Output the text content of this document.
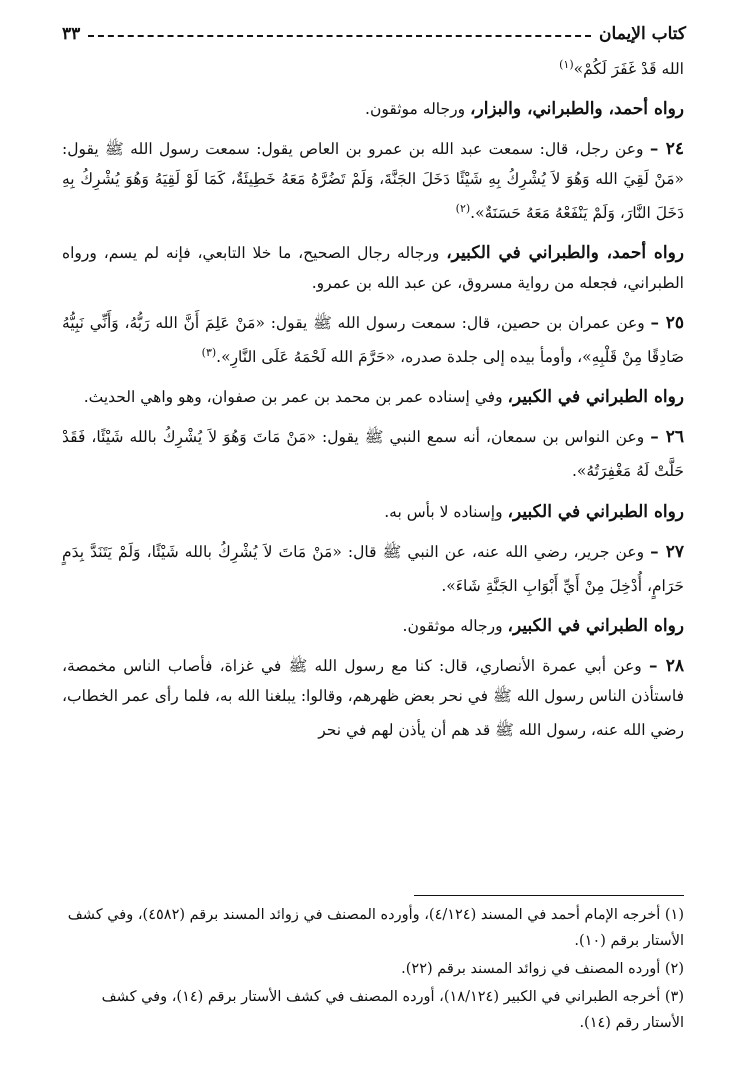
كتاب الإيمان
٣٣

الله قَدْ غَفَرَ لَكُمْ»$^{(١)}$

رواه أحمد، والطبراني، والبزار، ورجاله موثقون.

٢٤ – وعن رجل، قال: سمعت عبد الله بن عمرو بن العاص يقول: سمعت رسول الله ﷺ يقول: «مَنْ لَقِيَ الله وَهُوَ لاَ يُشْرِكُ بِهِ شَيْئًا دَخَلَ الجَنَّةَ، وَلَمْ تَضُرَّهُ مَعَهُ خَطِيئَةٌ، كَمَا لَوْ لَقِيَهُ وَهُوَ يُشْرِكُ بِهِ دَخَلَ النَّارَ، وَلَمْ يَنْفَعْهُ مَعَهُ حَسَنَةٌ».$^{(٢)}$

رواه أحمد، والطبراني في الكبير، ورجاله رجال الصحيح، ما خلا التابعي، فإنه لم يسم، ورواه الطبراني، فجعله من رواية مسروق، عن عبد الله بن عمرو.

٢٥ – وعن عمران بن حصين، قال: سمعت رسول الله ﷺ يقول: «مَنْ عَلِمَ أَنَّ الله رَبُّهُ، وَأَنِّي نَبِيُّهُ صَادِقًا مِنْ قَلْبِهِ»، وأومأ بيده إلى جلدة صدره، «حَرَّمَ الله لَحْمَهُ عَلَى النَّارِ».$^{(٣)}$

رواه الطبراني في الكبير، وفي إسناده عمر بن محمد بن عمر بن صفوان، وهو واهي الحديث.

٢٦ – وعن النواس بن سمعان، أنه سمع النبي ﷺ يقول: «مَنْ مَاتَ وَهُوَ لاَ يُشْرِكُ بالله شَيْئًا، فَقَدْ حَلَّتْ لَهُ مَغْفِرَتُهُ».

رواه الطبراني في الكبير، وإسناده لا بأس به.

٢٧ – وعن جرير، رضي الله عنه، عن النبي ﷺ قال: «مَنْ مَاتَ لاَ يُشْرِكُ بالله شَيْئًا، وَلَمْ يَتَنَدَّ بِدَمٍ حَرَامٍ، أُدْخِلَ مِنْ أَيِّ أَبْوَابِ الجَنَّةِ شَاءَ».

رواه الطبراني في الكبير، ورجاله موثقون.

٢٨ – وعن أبي عمرة الأنصاري، قال: كنا مع رسول الله ﷺ في غزاة، فأصاب الناس مخمصة، فاستأذن الناس رسول الله ﷺ في نحر بعض ظهرهم، وقالوا: يبلغنا الله به، فلما رأى عمر الخطاب، رضي الله عنه، رسول الله ﷺ قد هم أن يأذن لهم في نحر

(١) أخرجه الإمام أحمد في المسند (٤/١٢٤)، وأورده المصنف في زوائد المسند برقم (٤٥٨٢)، وفي كشف الأستار برقم (١٠).

(٢) أورده المصنف في زوائد المسند برقم (٢٢).

(٣) أخرجه الطبراني في الكبير (١٨/١٢٤)، أورده المصنف في كشف الأستار برقم (١٤)، وفي كشف الأستار رقم (١٤).
